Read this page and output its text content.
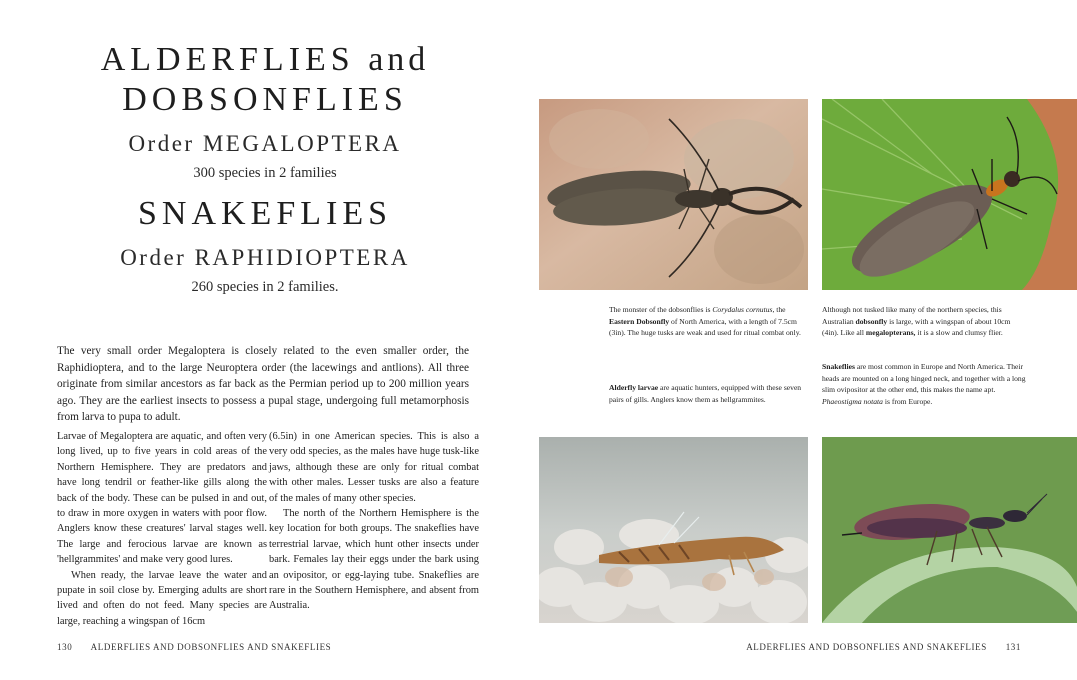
ALDERFLIES and
DOBSONFLIES
Order MEGALOPTERA
300 species in 2 families
SNAKEFLIES
Order RAPHIDIOPTERA
260 species in 2 families.

The very small order Megaloptera is closely related to the even smaller order, the Raphidioptera, and to the large Neuroptera order (the lacewings and antlions). All three originate from similar ancestors as far back as the Permian period up to 200 million years ago. They are the earliest insects to possess a pupal stage, undergoing full metamorphosis from larva to pupa to adult.

Larvae of Megaloptera are aquatic, and often very long lived, up to five years in cold areas of the Northern Hemisphere. They are predators and have long tendril or feather-like gills along the back of the body. These can be pulsed in and out, to draw in more oxygen in waters with poor flow. Anglers know these creatures' larval stages well. The large and ferocious larvae are known as 'hellgrammites' and make very good lures.

When ready, the larvae leave the water and pupate in soil close by. Emerging adults are short lived and often do not feed. Many species are large, reaching a wingspan of 16cm

(6.5in) in one American species. This is also a very odd species, as the males have huge tusk-like jaws, although these are only for ritual combat with other males. Lesser tusks are also a feature of the males of many other species.

The north of the Northern Hemisphere is the key location for both groups. The snakeflies have terrestrial larvae, which hunt other insects under bark. Females lay their eggs under the bark using an ovipositor, or egg-laying tube. Snakeflies are rare in the Southern Hemisphere, and absent from Australia.

130 ALDERFLIES AND DOBSONFLIES AND SNAKEFLIES
The monster of the dobsonflies is Corydalus cornutus, the Eastern Dobsonfly of North America, with a length of 7.5cm (3in). The huge tusks are weak and used for ritual combat only.
Alderfly larvae are aquatic hunters, equipped with these seven pairs of gills. Anglers know them as hellgrammites.
Although not tusked like many of the northern species, this Australian dobsonfly is large, with a wingspan of about 10cm (4in). Like all megalopterans, it is a slow and clumsy flier.
Snakeflies are most common in Europe and North America. Their heads are mounted on a long hinged neck, and together with a long slim ovipositor at the other end, this makes the name apt. Phaeostigma notata is from Europe.
ALDERFLIES AND DOBSONFLIES AND SNAKEFLIES 131
